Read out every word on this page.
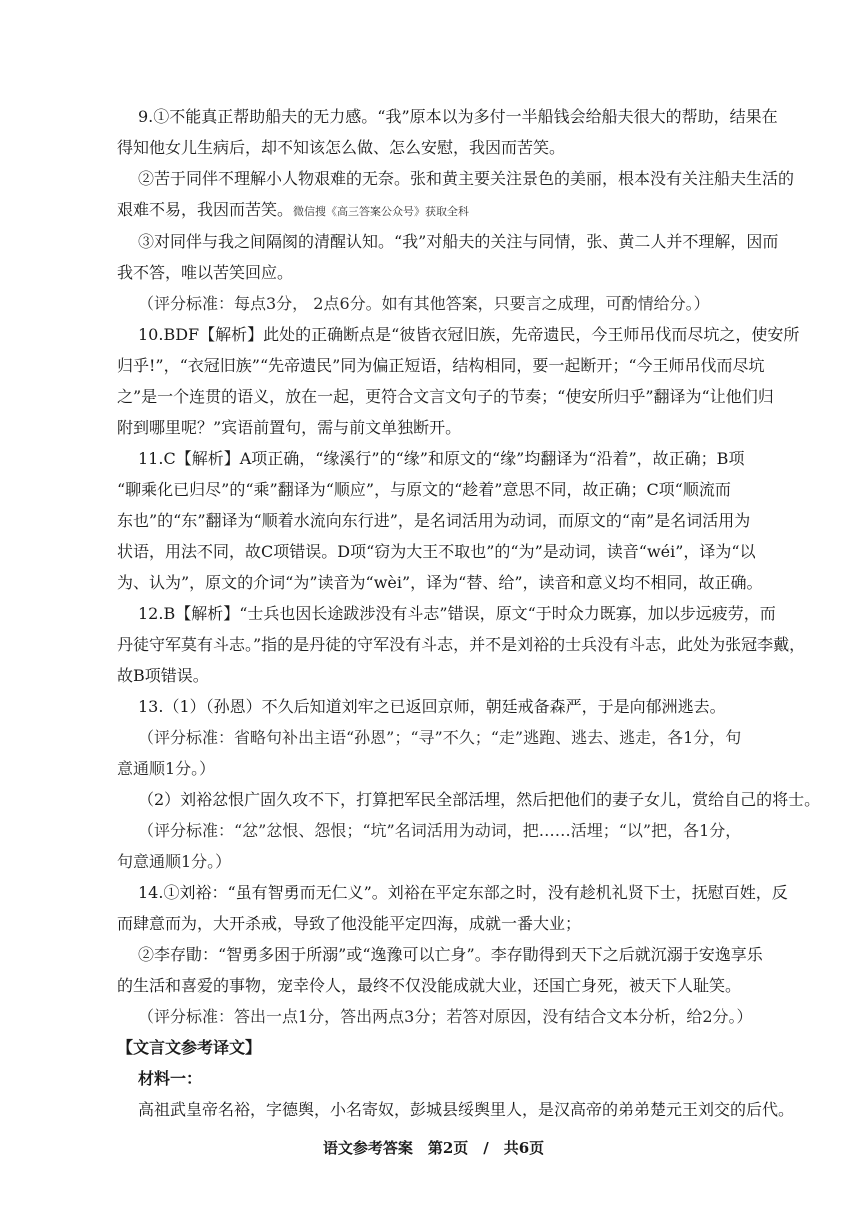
9.①不能真正帮助船夫的无力感。“我”原本以为多付一半船钱会给船夫很大的帮助，结果在
得知他女儿生病后，却不知该怎么做、怎么安慰，我因而苦笑。
②苦于同伴不理解小人物艰难的无奈。张和黄主要关注景色的美丽，根本没有关注船夫生活的
艰难不易，我因而苦笑。微信搜《高三答案公众号》获取全科
③对同伴与我之间隔阂的清醒认知。“我”对船夫的关注与同情，张、黄二人并不理解，因而
我不答，唯以苦笑回应。
（评分标准：每点3分， 2点6分。如有其他答案，只要言之成理，可酌情给分。）
10.BDF【解析】此处的正确断点是“彼皆衣冠旧族，先帝遗民，今王师吊伐而尽坑之，使安所
归乎!”，“衣冠旧族”“先帝遗民”同为偏正短语，结构相同，要一起断开；“今王师吊伐而尽坑
之”是一个连贯的语义，放在一起，更符合文言文句子的节奏；“使安所归乎”翻译为“让他们归
附到哪里呢？”宾语前置句，需与前文单独断开。
11.C【解析】A项正确，“缘溪行”的“缘”和原文的“缘”均翻译为“沿着”，故正确；B项
“聊乘化已归尽”的“乘”翻译为“顺应”，与原文的“趁着”意思不同，故正确；C项“顺流而
东也”的“东”翻译为“顺着水流向东行进”，是名词活用为动词，而原文的“南”是名词活用为
状语，用法不同，故C项错误。D项“窃为大王不取也”的“为”是动词，读音“wéi”，译为“以
为、认为”，原文的介词“为”读音为“wèi”，译为“替、给”，读音和意义均不相同，故正确。
12.B【解析】“士兵也因长途跋涉没有斗志”错误，原文“于时众力既寡，加以步远疲劳，而
丹徒守军莫有斗志。”指的是丹徒的守军没有斗志，并不是刘裕的士兵没有斗志，此处为张冠李戴，
故B项错误。
13.（1）（孙恩）不久后知道刘牢之已返回京师，朝廷戒备森严，于是向郁洲逃去。
（评分标准：省略句补出主语“孙恩”；“寻”不久；“走”逃跑、逃去、逃走，各1分，句
意通顺1分。）
（2）刘裕忿恨广固久攻不下，打算把军民全部活埋，然后把他们的妻子女儿，赏给自己的将士。
（评分标准：“忿”忿恨、怨恨；“坑”名词活用为动词，把……活埋；“以”把，各1分，
句意通顺1分。）
14.①刘裕：“虽有智勇而无仁义”。刘裕在平定东部之时，没有趁机礼贤下士，抚慰百姓，反
而肆意而为，大开杀戒，导致了他没能平定四海，成就一番大业；
②李存勖：“智勇多困于所溺”或“逸豫可以亡身”。李存勖得到天下之后就沉溺于安逸享乐
的生活和喜爱的事物，宠幸伶人，最终不仅没能成就大业，还国亡身死，被天下人耻笑。
（评分标准：答出一点1分，答出两点3分；若答对原因，没有结合文本分析，给2分。）
【文言文参考译文】
材料一：
高祖武皇帝名裕，字德舆，小名寄奴，彭城县绥舆里人，是汉高帝的弟弟楚元王刘交的后代。
语文参考答案　第2页　/　共6页
